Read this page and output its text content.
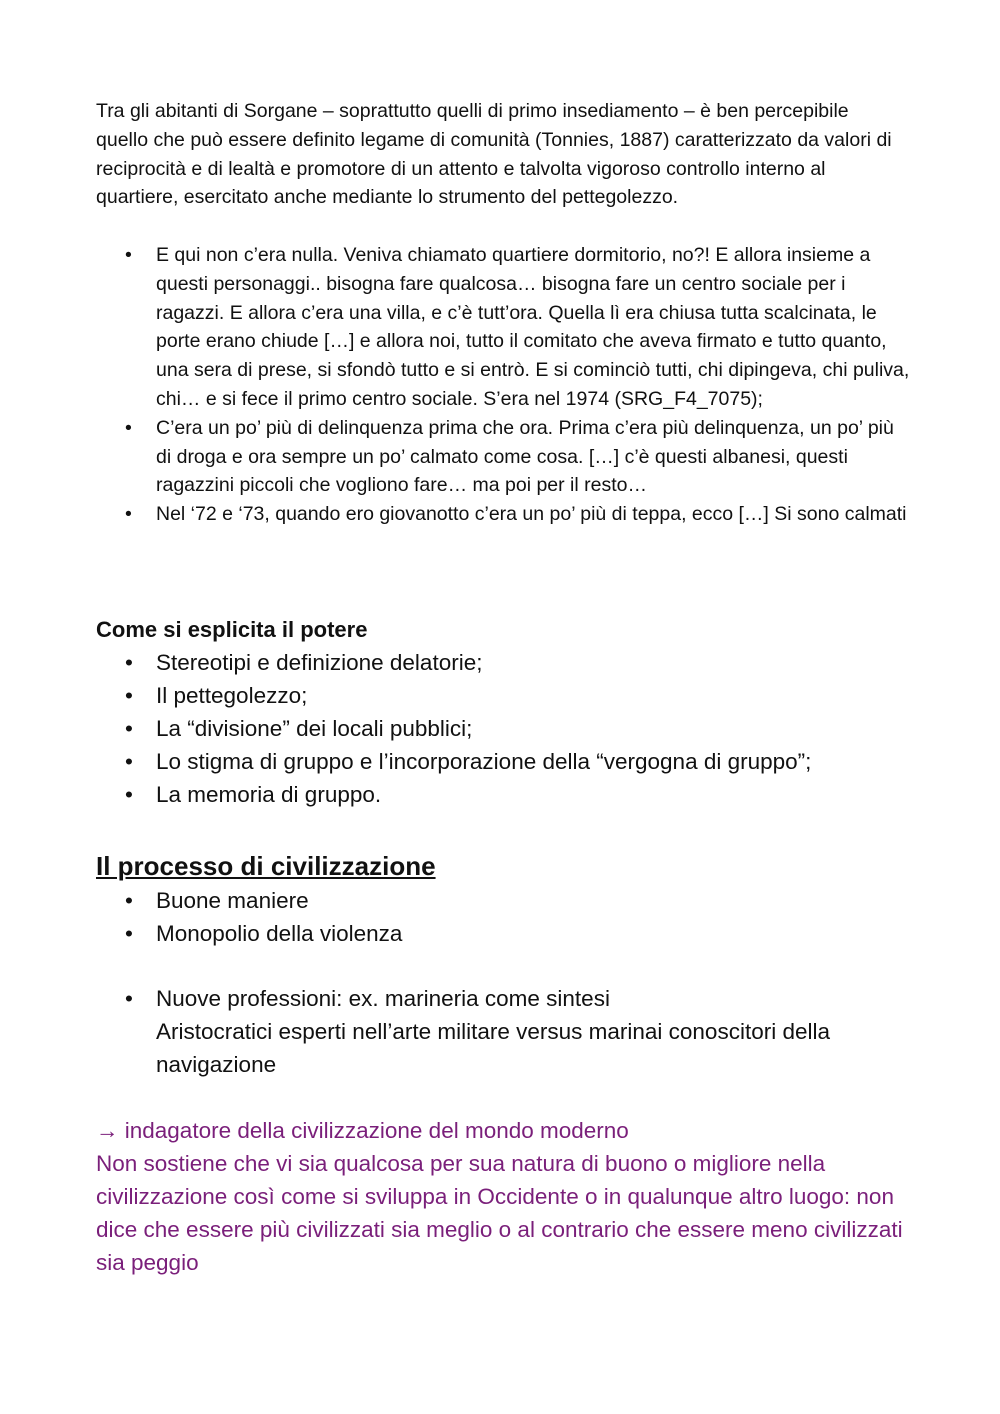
Tra gli abitanti di Sorgane – soprattutto quelli di primo insediamento – è ben percepibile quello che può essere definito legame di comunità (Tonnies, 1887) caratterizzato da valori di reciprocità e di lealtà e promotore di un attento e talvolta vigoroso controllo interno al quartiere, esercitato anche mediante lo strumento del pettegolezzo.

• E qui non c’era nulla. Veniva chiamato quartiere dormitorio, no?! E allora insieme a questi personaggi.. bisogna fare qualcosa… bisogna fare un centro sociale per i ragazzi. E allora c’era una villa, e c’è tutt’ora. Quella lì era chiusa tutta scalcinata, le porte erano chiude […] e allora noi, tutto il comitato che aveva firmato e tutto quanto, una sera di prese, si sfondò tutto e si entrò. E si cominciò tutti, chi dipingeva, chi puliva, chi… e si fece il primo centro sociale. S’era nel 1974 (SRG_F4_7075);
• C’era un po’ più di delinquenza prima che ora. Prima c’era più delinquenza, un po’ più di droga e ora sempre un po’ calmato come cosa. […] c’è questi albanesi, questi ragazzini piccoli che vogliono fare… ma poi per il resto…
• Nel ‘72 e ‘73, quando ero giovanotto c’era un po’ più di teppa, ecco […] Si sono calmati
Come si esplicita il potere
• Stereotipi e definizione delatorie;
• Il pettegolezzo;
• La “divisione” dei locali pubblici;
• Lo stigma di gruppo e l’incorporazione della “vergogna di gruppo”;
• La memoria di gruppo.
Il processo di civilizzazione
• Buone maniere
• Monopolio della violenza
• Nuove professioni: ex. marineria come sintesi
Aristocratici esperti nell’arte militare versus marinai conoscitori della navigazione

→ indagatore della civilizzazione del mondo moderno
Non sostiene che vi sia qualcosa per sua natura di buono o migliore nella civilizzazione così come si sviluppa in Occidente o in qualunque altro luogo: non dice che essere più civilizzati sia meglio o al contrario che essere meno civilizzati sia peggio
